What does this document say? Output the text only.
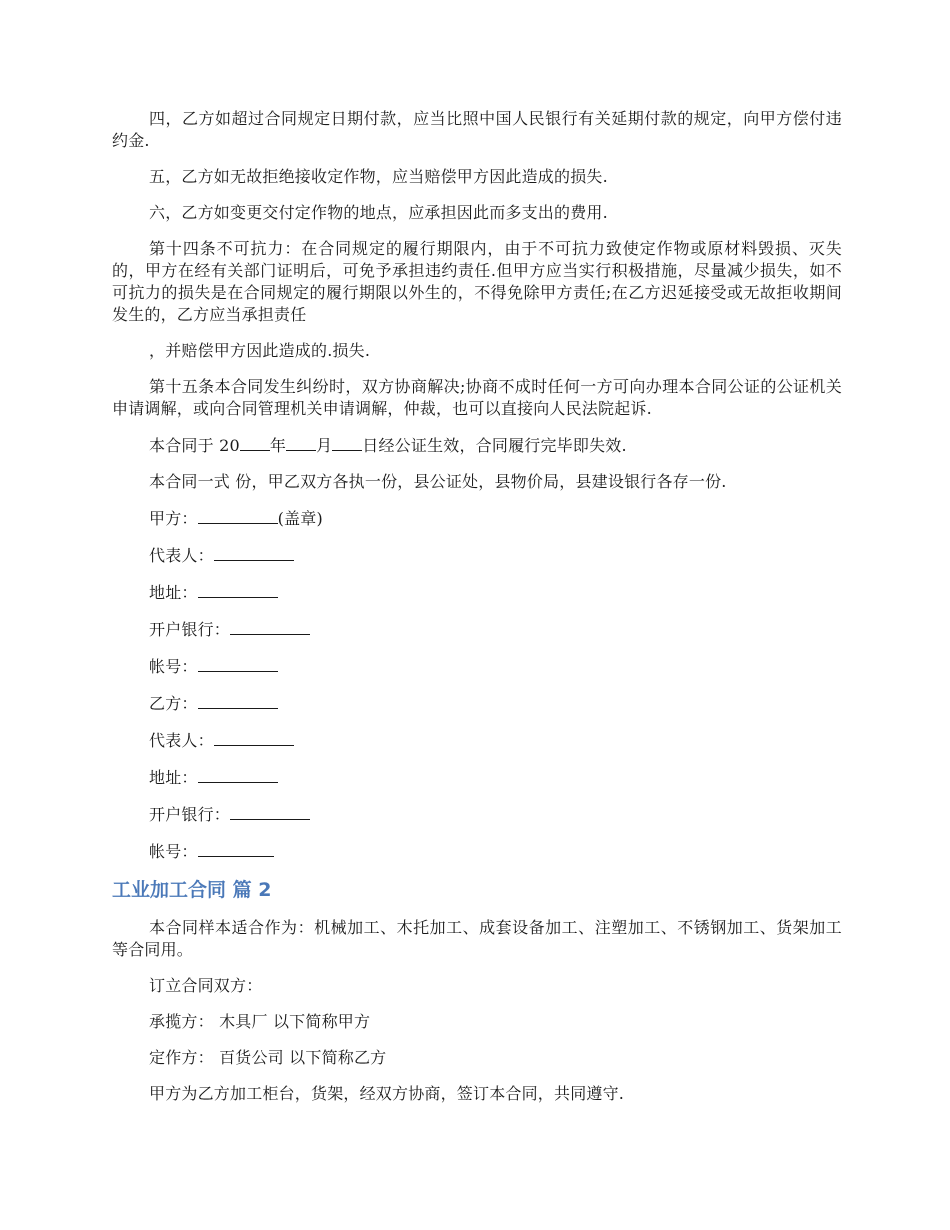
四，乙方如超过合同规定日期付款，应当比照中国人民银行有关延期付款的规定，向甲方偿付违约金.

五，乙方如无故拒绝接收定作物，应当赔偿甲方因此造成的损失.

六，乙方如变更交付定作物的地点，应承担因此而多支出的费用.

第十四条不可抗力：在合同规定的履行期限内，由于不可抗力致使定作物或原材料毁损、灭失的，甲方在经有关部门证明后，可免予承担违约责任.但甲方应当实行积极措施，尽量减少损失，如不可抗力的损失是在合同规定的履行期限以外生的，不得免除甲方责任;在乙方迟延接受或无故拒收期间发生的，乙方应当承担责任

，并赔偿甲方因此造成的.损失.

第十五条本合同发生纠纷时，双方协商解决;协商不成时任何一方可向办理本合同公证的公证机关申请调解，或向合同管理机关申请调解，仲裁，也可以直接向人民法院起诉.

本合同于 20 年 月 日经公证生效，合同履行完毕即失效.

本合同一式 份，甲乙双方各执一份，县公证处，县物价局，县建设银行各存一份.

甲方：	(盖章)
代表人：
地址：
开户银行：
帐号：
乙方：
代表人：
地址：
开户银行：
帐号：
工业加工合同 篇 2

本合同样本适合作为：机械加工、木托加工、成套设备加工、注塑加工、不锈钢加工、货架加工等合同用。

订立合同双方：

承揽方： 木具厂 以下简称甲方

定作方： 百货公司 以下简称乙方

甲方为乙方加工柜台，货架，经双方协商，签订本合同，共同遵守.
